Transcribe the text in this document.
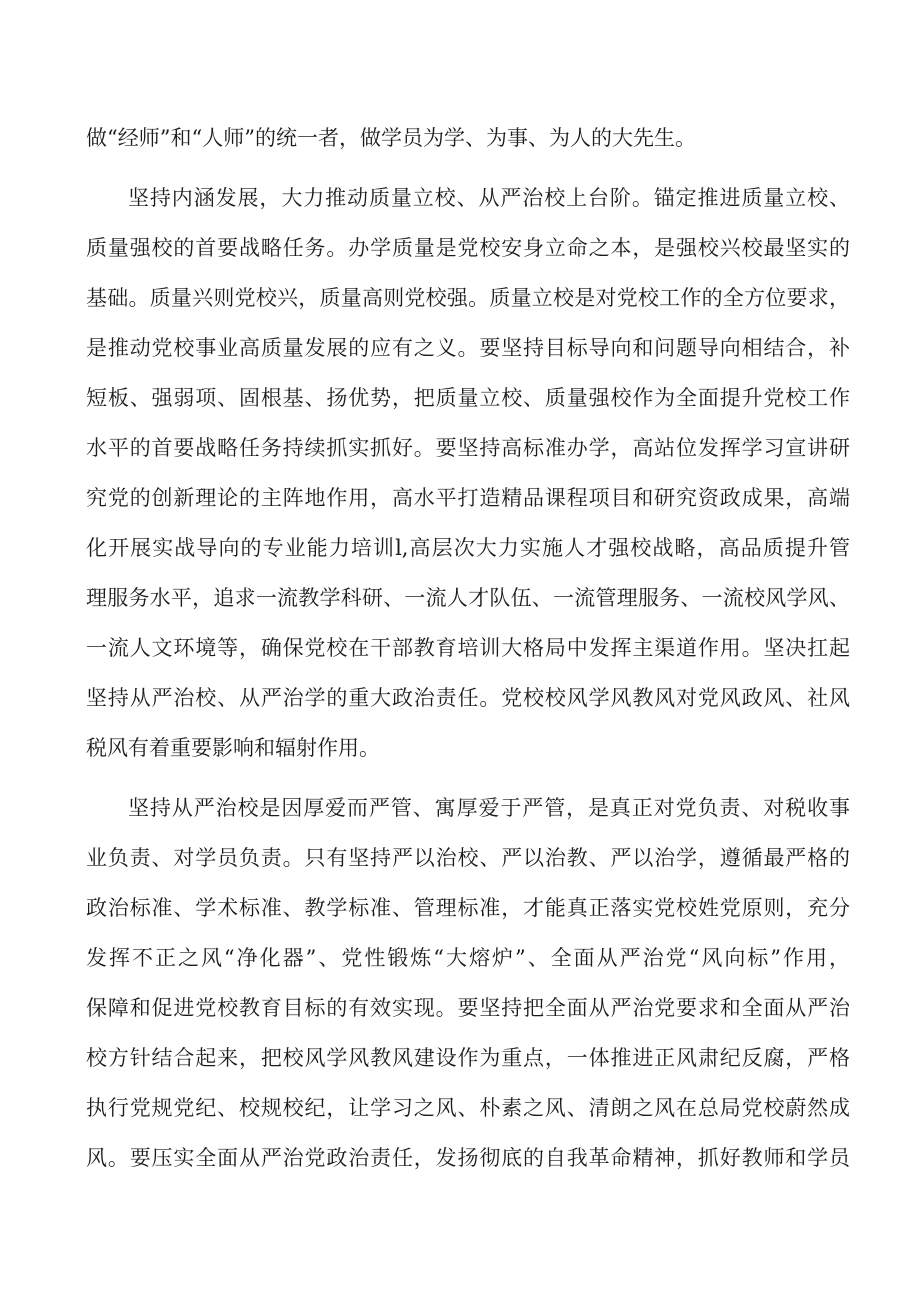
做“经师”和“人师”的统一者，做学员为学、为事、为人的大先生。

坚持内涵发展，大力推动质量立校、从严治校上台阶。锚定推进质量立校、

质量强校的首要战略任务。办学质量是党校安身立命之本，是强校兴校最坚实的

基础。质量兴则党校兴，质量高则党校强。质量立校是对党校工作的全方位要求，

是推动党校事业高质量发展的应有之义。要坚持目标导向和问题导向相结合，补

短板、强弱项、固根基、扬优势，把质量立校、质量强校作为全面提升党校工作

水平的首要战略任务持续抓实抓好。要坚持高标准办学，高站位发挥学习宣讲研

究党的创新理论的主阵地作用，高水平打造精品课程项目和研究资政成果，高端

化开展实战导向的专业能力培训l,高层次大力实施人才强校战略，高品质提升管

理服务水平，追求一流教学科研、一流人才队伍、一流管理服务、一流校风学风、

一流人文环境等，确保党校在干部教育培训大格局中发挥主渠道作用。坚决扛起

坚持从严治校、从严治学的重大政治责任。党校校风学风教风对党风政风、社风

税风有着重要影响和辐射作用。

坚持从严治校是因厚爱而严管、寓厚爱于严管，是真正对党负责、对税收事

业负责、对学员负责。只有坚持严以治校、严以治教、严以治学，遵循最严格的

政治标准、学术标准、教学标准、管理标准，才能真正落实党校姓党原则，充分

发挥不正之风“净化器”、党性锻炼“大熔炉”、全面从严治党“风向标”作用，

保障和促进党校教育目标的有效实现。要坚持把全面从严治党要求和全面从严治

校方针结合起来，把校风学风教风建设作为重点，一体推进正风肃纪反腐，严格

执行党规党纪、校规校纪，让学习之风、朴素之风、清朗之风在总局党校蔚然成

风。要压实全面从严治党政治责任，发扬彻底的自我革命精神，抓好教师和学员
